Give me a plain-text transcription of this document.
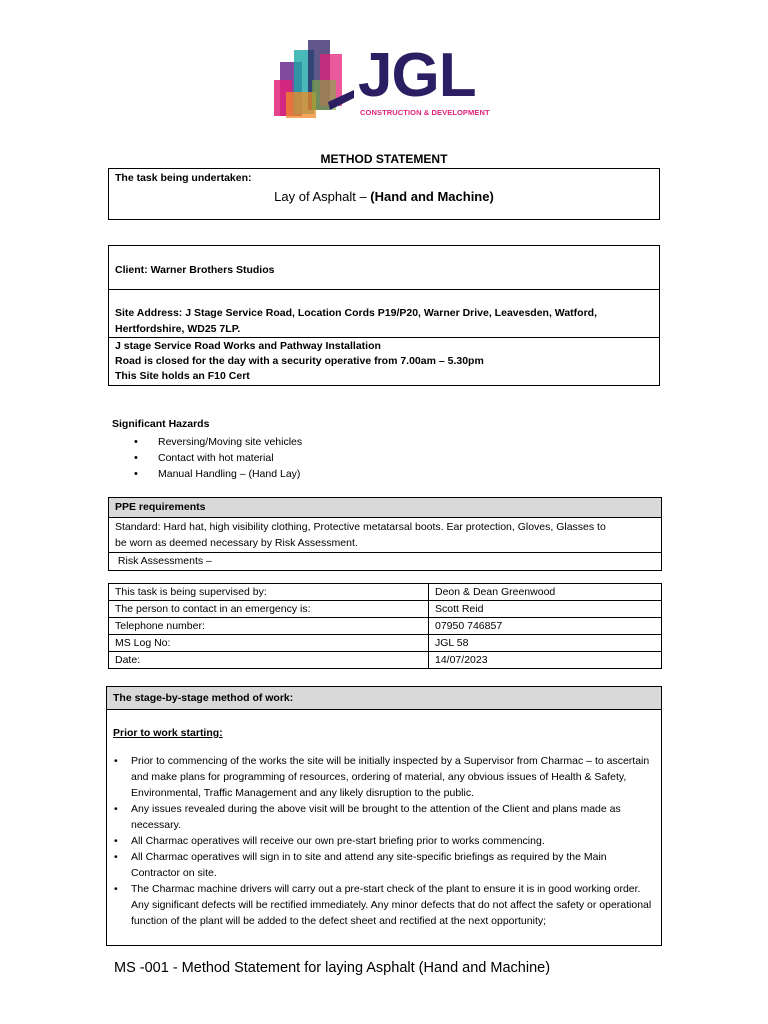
JGL
CONSTRUCTION & DEVELOPMENT
METHOD STATEMENT
The task being undertaken:
Lay of Asphalt – (Hand and Machine)
Client: Warner Brothers Studios
Site Address: J Stage Service Road, Location Cords P19/P20, Warner Drive, Leavesden, Watford,
Hertfordshire, WD25 7LP.
J stage Service Road Works and Pathway Installation
Road is closed for the day with a security operative from 7.00am – 5.30pm
This Site holds an F10 Cert
Significant Hazards
• Reversing/Moving site vehicles
• Contact with hot material
• Manual Handling – (Hand Lay)
PPE requirements

Standard: Hard hat, high visibility clothing, Protective metatarsal boots. Ear protection, Gloves, Glasses to
be worn as deemed necessary by Risk Assessment.

Risk Assessments –
This task is being supervised by:	Deon & Dean Greenwood
The person to contact in an emergency is:	Scott Reid
Telephone number:	07950 746857
MS Log No:	JGL 58
Date:	14/07/2023
The stage-by-stage method of work:
Prior to work starting:
• Prior to commencing of the works the site will be initially inspected by a Supervisor from Charmac – to ascertain and make plans for programming of resources, ordering of material, any obvious issues of Health & Safety, Environmental, Traffic Management and any likely disruption to the public.
• Any issues revealed during the above visit will be brought to the attention of the Client and plans made as necessary.
• All Charmac operatives will receive our own pre-start briefing prior to works commencing.
• All Charmac operatives will sign in to site and attend any site-specific briefings as required by the Main Contractor on site.
• The Charmac machine drivers will carry out a pre-start check of the plant to ensure it is in good working order. Any significant defects will be rectified immediately. Any minor defects that do not affect the safety or operational function of the plant will be added to the defect sheet and rectified at the next opportunity;
MS -001 - Method Statement for laying Asphalt (Hand and Machine)
